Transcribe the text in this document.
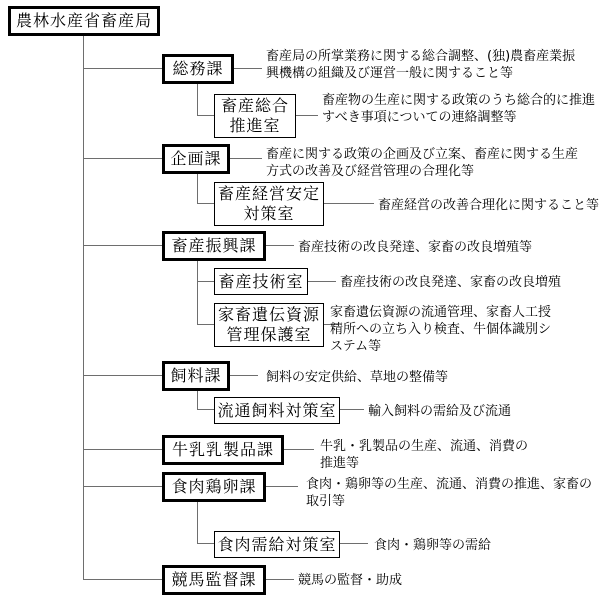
農林水産省畜産局
総務課
企画課
畜産振興課
飼料課
牛乳乳製品課
食肉鶏卵課
競馬監督課
畜産総合推進室
畜産経営安定対策室
畜産技術室
家畜遺伝資源管理保護室
流通飼料対策室
食肉需給対策室
畜産局の所掌業務に関する総合調整、(独)農畜産業振興機構の組織及び運営一般に関すること等
畜産物の生産に関する政策のうち総合的に推進すべき事項についての連絡調整等
畜産に関する政策の企画及び立案、畜産に関する生産方式の改善及び経営管理の合理化等
畜産経営の改善合理化に関すること等
畜産技術の改良発達、家畜の改良増殖等
畜産技術の改良発達、家畜の改良増殖
家畜遺伝資源の流通管理、家畜人工授精所への立ち入り検査、牛個体識別システム等
飼料の安定供給、草地の整備等
輸入飼料の需給及び流通
牛乳・乳製品の生産、流通、消費の推進等
食肉・鶏卵等の生産、流通、消費の推進、家畜の取引等
食肉・鶏卵等の需給
競馬の監督・助成
